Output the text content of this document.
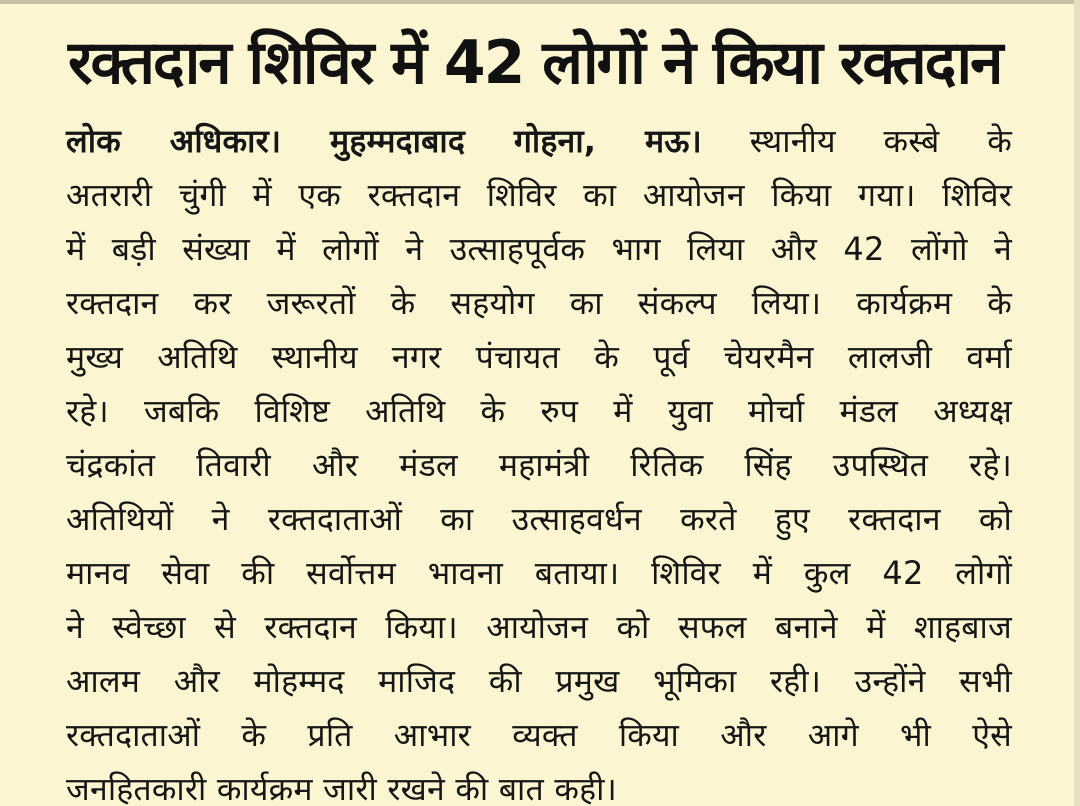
रक्तदान शिविर में 42 लोगों ने किया रक्तदान
लोक अधिकार। मुहम्मदाबाद गोहना, मऊ। स्थानीय कस्बे के
अतरारी चुंगी में एक रक्तदान शिविर का आयोजन किया गया। शिविर
में बड़ी संख्या में लोगों ने उत्साहपूर्वक भाग लिया और 42 लोंगो ने
रक्तदान कर जरूरतों के सहयोग का संकल्प लिया। कार्यक्रम के
मुख्य अतिथि स्थानीय नगर पंचायत के पूर्व चेयरमैन लालजी वर्मा
रहे। जबकि विशिष्ट अतिथि के रुप में युवा मोर्चा मंडल अध्यक्ष
चंद्रकांत तिवारी और मंडल महामंत्री रितिक सिंह उपस्थित रहे।
अतिथियों ने रक्तदाताओं का उत्साहवर्धन करते हुए रक्तदान को
मानव सेवा की सर्वोत्तम भावना बताया। शिविर में कुल 42 लोगों
ने स्वेच्छा से रक्तदान किया। आयोजन को सफल बनाने में शाहबाज
आलम और मोहम्मद माजिद की प्रमुख भूमिका रही। उन्होंने सभी
रक्तदाताओं के प्रति आभार व्यक्त किया और आगे भी ऐसे
जनहितकारी कार्यक्रम जारी रखने की बात कही।
